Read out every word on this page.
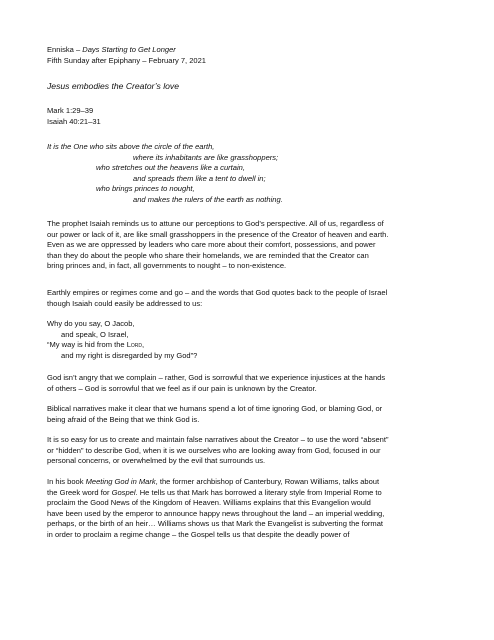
Enniska – Days Starting to Get Longer
Fifth Sunday after Epiphany – February 7, 2021
Jesus embodies the Creator’s love
Mark 1:29–39
Isaiah 40:21–31
It is the One who sits above the circle of the earth,
where its inhabitants are like grasshoppers;
who stretches out the heavens like a curtain,
and spreads them like a tent to dwell in;
who brings princes to nought,
and makes the rulers of the earth as nothing.
The prophet Isaiah reminds us to attune our perceptions to God’s perspective. All of us, regardless of
our power or lack of it, are like small grasshoppers in the presence of the Creator of heaven and earth.
Even as we are oppressed by leaders who care more about their comfort, possessions, and power
than they do about the people who share their homelands, we are reminded that the Creator can
bring princes and, in fact, all governments to nought – to non-existence.
Earthly empires or regimes come and go – and the words that God quotes back to the people of Israel
though Isaiah could easily be addressed to us:
Why do you say, O Jacob,
and speak, O Israel,
“My way is hid from the Lord,
and my right is disregarded by my God”?
God isn’t angry that we complain – rather, God is sorrowful that we experience injustices at the hands
of others – God is sorrowful that we feel as if our pain is unknown by the Creator.
Biblical narratives make it clear that we humans spend a lot of time ignoring God, or blaming God, or
being afraid of the Being that we think God is.
It is so easy for us to create and maintain false narratives about the Creator – to use the word “absent”
or “hidden” to describe God, when it is we ourselves who are looking away from God, focused in our
personal concerns, or overwhelmed by the evil that surrounds us.
In his book Meeting God in Mark, the former archbishop of Canterbury, Rowan Williams, talks about
the Greek word for Gospel. He tells us that Mark has borrowed a literary style from Imperial Rome to
proclaim the Good News of the Kingdom of Heaven. Williams explains that this Evangelion would
have been used by the emperor to announce happy news throughout the land – an imperial wedding,
perhaps, or the birth of an heir… Williams shows us that Mark the Evangelist is subverting the format
in order to proclaim a regime change – the Gospel tells us that despite the deadly power of
